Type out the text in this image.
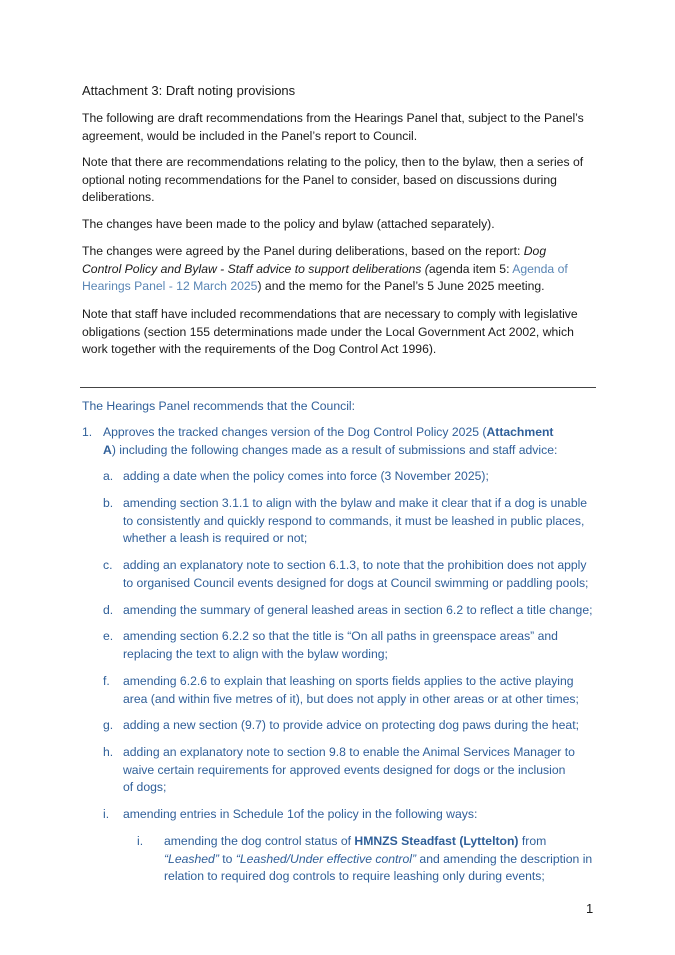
Attachment 3: Draft noting provisions

The following are draft recommendations from the Hearings Panel that, subject to the Panel’s agreement, would be included in the Panel’s report to Council.

Note that there are recommendations relating to the policy, then to the bylaw, then a series of optional noting recommendations for the Panel to consider, based on discussions during deliberations.

The changes have been made to the policy and bylaw (attached separately).

The changes were agreed by the Panel during deliberations, based on the report: Dog Control Policy and Bylaw - Staff advice to support deliberations (agenda item 5: Agenda of Hearings Panel - 12 March 2025) and the memo for the Panel’s 5 June 2025 meeting.

Note that staff have included recommendations that are necessary to comply with legislative obligations (section 155 determinations made under the Local Government Act 2002, which work together with the requirements of the Dog Control Act 1996).

The Hearings Panel recommends that the Council:

1. Approves the tracked changes version of the Dog Control Policy 2025 (Attachment A) including the following changes made as a result of submissions and staff advice:

a. adding a date when the policy comes into force (3 November 2025);

b. amending section 3.1.1 to align with the bylaw and make it clear that if a dog is unable to consistently and quickly respond to commands, it must be leashed in public places, whether a leash is required or not;

c. adding an explanatory note to section 6.1.3, to note that the prohibition does not apply to organised Council events designed for dogs at Council swimming or paddling pools;

d. amending the summary of general leashed areas in section 6.2 to reflect a title change;

e. amending section 6.2.2 so that the title is “On all paths in greenspace areas” and replacing the text to align with the bylaw wording;

f. amending 6.2.6 to explain that leashing on sports fields applies to the active playing area (and within five metres of it), but does not apply in other areas or at other times;

g. adding a new section (9.7) to provide advice on protecting dog paws during the heat;

h. adding an explanatory note to section 9.8 to enable the Animal Services Manager to waive certain requirements for approved events designed for dogs or the inclusion of dogs;

i. amending entries in Schedule 1of the policy in the following ways:

i. amending the dog control status of HMNZS Steadfast (Lyttelton) from “Leashed” to “Leashed/Under effective control” and amending the description in relation to required dog controls to require leashing only during events;

1
